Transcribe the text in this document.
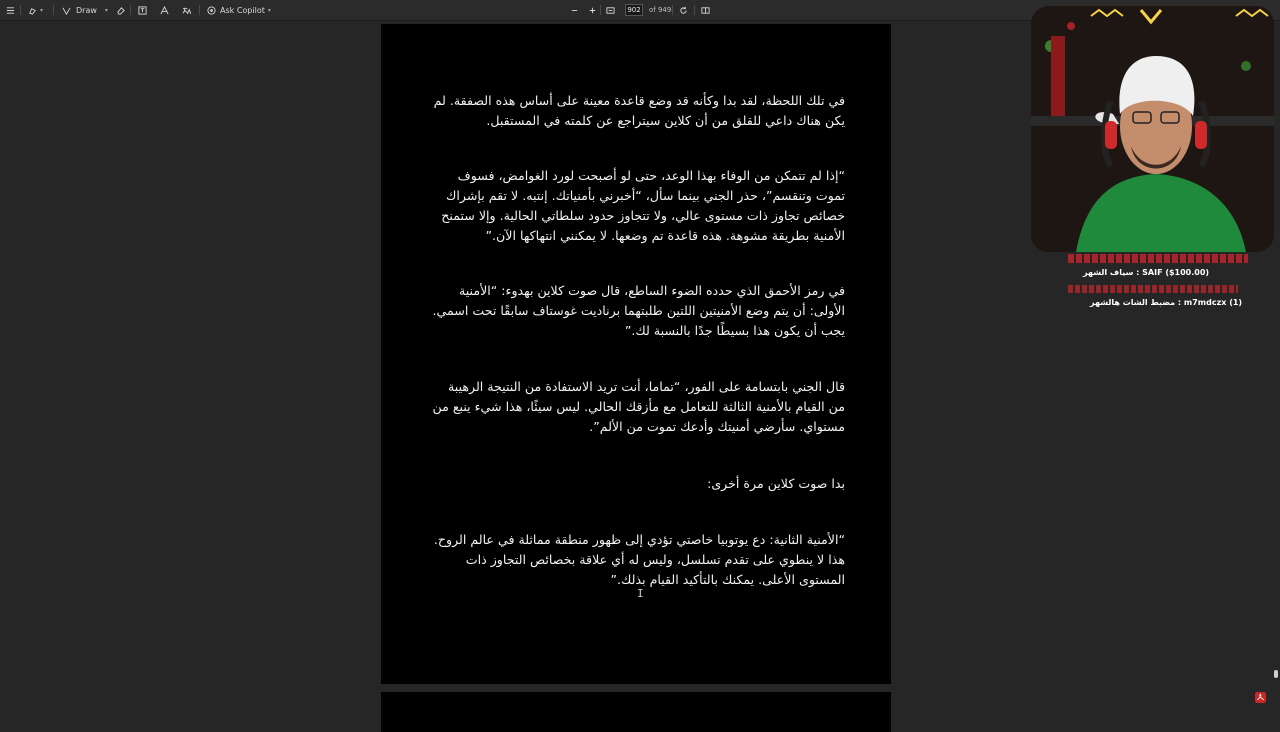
▾	Draw ▾	Ask Copilot ▾
902	of 949

في تلك اللحظة، لقد بدا وكأنه قد وضع قاعدة معينة على أساس هذه الصفقة. لم يكن هناك داعي للقلق من أن كلاين سيتراجع عن كلمته في المستقبل.

“إذا لم تتمكن من الوفاء بهذا الوعد، حتى لو أصبحت لورد الغوامض، فسوف تموت وتنقسم”، حذر الجني بينما سأل، “أخبرني بأمنياتك. إنتبه. لا تقم بإشراك خصائص تجاوز ذات مستوى عالي، ولا تتجاوز حدود سلطاتي الحالية. وإلا ستمنح الأمنية بطريقة مشوهة. هذه قاعدة تم وضعها. لا يمكنني انتهاكها الآن.”

في رمز الأحمق الذي حدده الضوء الساطع، قال صوت كلاين بهدوء: “الأمنية الأولى: أن يتم وضع الأمنيتين اللتين طلبتهما برناديت غوستاف سابقًا تحت اسمي. يجب أن يكون هذا بسيطًا جدًا بالنسبة لك.”

قال الجني بابتسامة على الفور، “تماما، أنت تريد الاستفادة من النتيجة الرهيبة من القيام بالأمنية الثالثة للتعامل مع مأزقك الحالي. ليس سيئًا، هذا شيء ينبع من مستواي. سأرضي أمنيتك وأدعك تموت من الألم”.

بدا صوت كلاين مرة أخرى:

“الأمنية الثانية: دع يوتوبيا خاصتي تؤدي إلى ظهور منطقة مماثلة في عالم الروح. هذا لا ينطوي على تقدم تسلسل، وليس له أي علاقة بخصائص التجاوز ذات المستوى الأعلى. يمكنك بالتأكيد القيام بذلك.”

I
SAIF ($100.00) : سياف الشهر
m7mdczx (1) : مضبط الشات هالشهر
